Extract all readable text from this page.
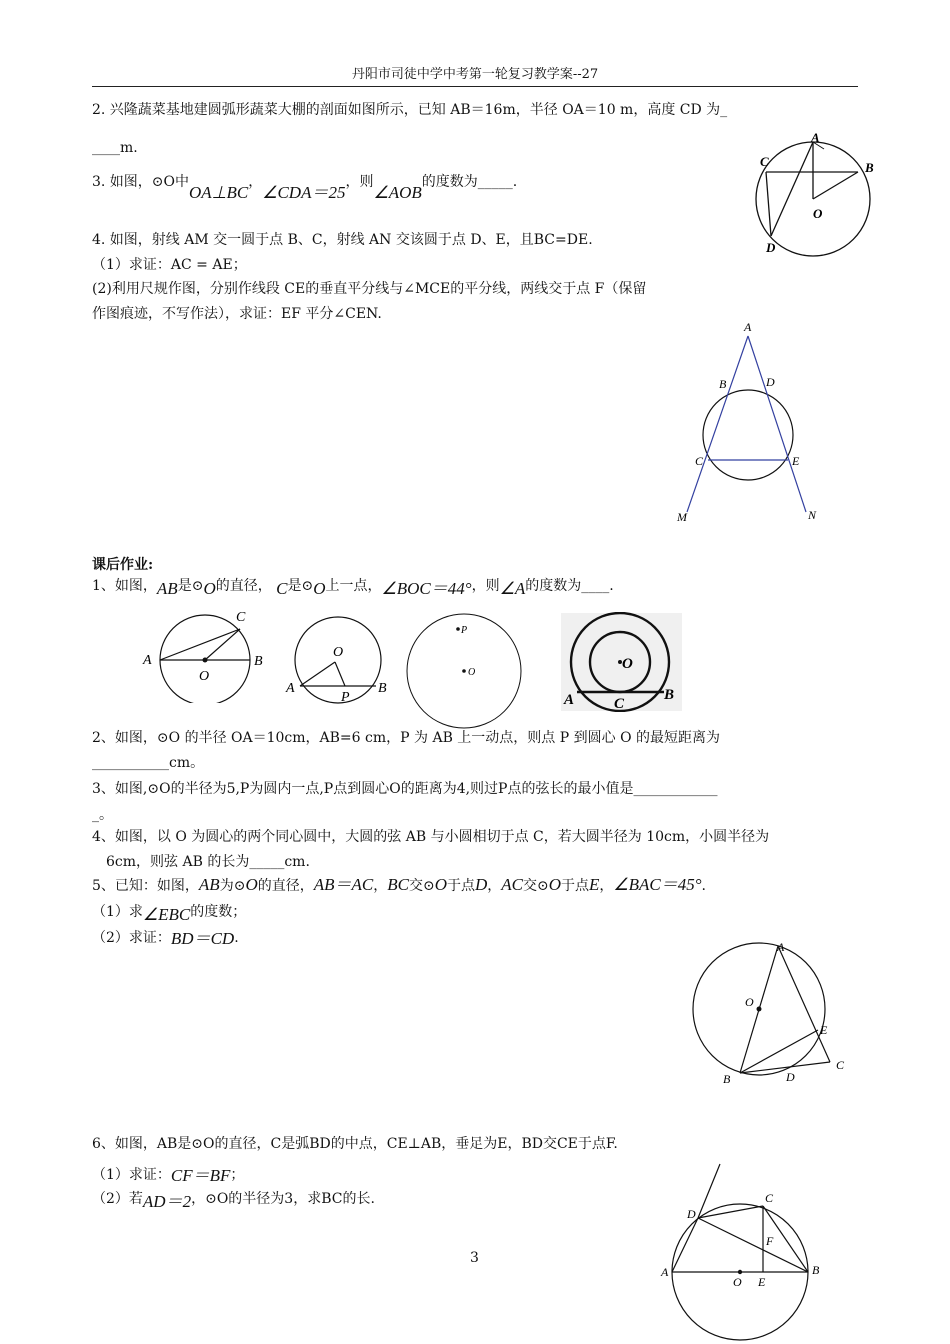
丹阳市司徒中学中考第一轮复习教学案--27
2. 兴隆蔬菜基地建圆弧形蔬菜大棚的剖面如图所示，已知 AB＝16m，半径 OA＝10 m，高度 CD 为_
____m.
3. 如图，⊙O中OA⊥BC，∠CDA＝25，则∠AOB的度数为_____.
4. 如图，射线 AM 交一圆于点 B、C，射线 AN 交该圆于点 D、E，且BC=DE.
（1）求证：AC = AE；
(2)利用尺规作图，分别作线段 CE的垂直平分线与∠MCE的平分线，两线交于点 F（保留
作图痕迹，不写作法），求证：EF 平分∠CEN.
C
A
B
O
D
A
B	D
C	E
M	N
课后作业:
1、如图，AB是⊙O的直径， C是⊙O上一点，∠BOC＝44°，则∠A的度数为____.
A
O
B
C
O
A
P
B
P
O
O
A	C
B
2、如图，⊙O 的半径 OA＝10cm，AB=6 cm，P 为 AB 上一动点，则点 P 到圆心 O 的最短距离为
___________cm。
3、如图,⊙O的半径为5,P为圆内一点,P点到圆心O的距离为4,则过P点的弦长的最小值是____________
_。
4、如图，以 O 为圆心的两个同心圆中，大圆的弦 AB 与小圆相切于点 C，若大圆半径为 10cm，小圆半径为
6cm，则弦 AB 的长为_____cm.
5、已知：如图，AB为⊙O的直径，AB＝AC，BC交⊙O于点D，AC交⊙O于点E，∠BAC＝45°.
（1）求∠EBC的度数；
（2）求证：BD＝CD.
A
O
E
B	D
C
6、如图，AB是⊙O的直径，C是弧BD的中点，CE⊥AB，垂足为E，BD交CE于点F.
（1）求证：CF＝BF；
（2）若AD＝2，⊙O的半径为3，求BC的长.
3
C
D
F
A
O E
B
